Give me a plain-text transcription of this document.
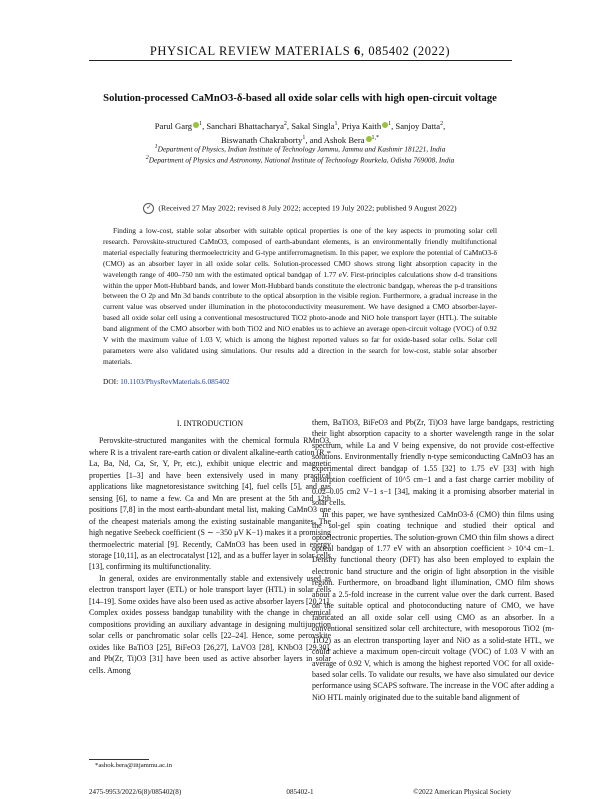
PHYSICAL REVIEW MATERIALS 6, 085402 (2022)
Solution-processed CaMnO3-δ-based all oxide solar cells with high open-circuit voltage
Parul Garg $^1$, Sanchari Bhattacharya$^2$, Sakal Singla$^1$, Priya Kaith $^1$, Sanjoy Datta$^2$,
Biswanath Chakraborty$^1$, and Ashok Bera $^{1,*}$
$^1$Department of Physics, Indian Institute of Technology Jammu, Jammu and Kashmir 181221, India
$^2$Department of Physics and Astronomy, National Institute of Technology Rourkela, Odisha 769008, India
✓ (Received 27 May 2022; revised 8 July 2022; accepted 19 July 2022; published 9 August 2022)
Finding a low-cost, stable solar absorber with suitable optical properties is one of the key aspects in promoting solar cell research. Perovskite-structured CaMnO3, composed of earth-abundant elements, is an environmentally friendly multifunctional material especially featuring thermoelectricity and G-type antiferromagnetism. In this paper, we explore the potential of CaMnO3-δ (CMO) as an absorber layer in all oxide solar cells. Solution-processed CMO shows strong light absorption capacity in the wavelength range of 400–750 nm with the estimated optical bandgap of 1.77 eV. First-principles calculations show d-d transitions within the upper Mott-Hubbard bands, and lower Mott-Hubbard bands constitute the electronic bandgap, whereas the p-d transitions between the O 2p and Mn 3d bands contribute to the optical absorption in the visible region. Furthermore, a gradual increase in the current value was observed under illumination in the photoconductivity measurement. We have designed a CMO absorber-layer-based all oxide solar cell using a conventional mesostructured TiO2 photo-anode and NiO hole transport layer (HTL). The suitable band alignment of the CMO absorber with both TiO2 and NiO enables us to achieve an average open-circuit voltage (VOC) of 0.92 V with the maximum value of 1.03 V, which is among the highest reported values so far for oxide-based solar cells. Solar cell parameters were also validated using simulations. Our results add a direction in the search for low-cost, stable solar absorber materials.
DOI: 10.1103/PhysRevMaterials.6.085402
I. INTRODUCTION

Perovskite-structured manganites with the chemical formula RMnO3, where R is a trivalent rare-earth cation or divalent alkaline-earth cation (R = La, Ba, Nd, Ca, Sr, Y, Pr, etc.), exhibit unique electric and magnetic properties [1–3] and have been extensively used in many practical applications like magnetoresistance switching [4], fuel cells [5], and gas sensing [6], to name a few. Ca and Mn are present at the 5th and 12th positions [7,8] in the most earth-abundant metal list, making CaMnO3 one of the cheapest materials among the existing sustainable manganites. The high negative Seebeck coefficient (S ∼ −350 μV K−1) makes it a promising thermoelectric material [9]. Recently, CaMnO3 has been used in energy storage [10,11], as an electrocatalyst [12], and as a buffer layer in solar cells [13], confirming its multifunctionality.

In general, oxides are environmentally stable and extensively used as electron transport layer (ETL) or hole transport layer (HTL) in solar cells [14–19]. Some oxides have also been used as active absorber layers [20,21]. Complex oxides possess bandgap tunability with the change in chemical compositions providing an auxiliary advantage in designing multijunction solar cells or panchromatic solar cells [22–24]. Hence, some perovskite oxides like BaTiO3 [25], BiFeO3 [26,27], LaVO3 [28], KNbO3 [29,30], and Pb(Zr, Ti)O3 [31] have been used as active absorber layers in solar cells. Among

them, BaTiO3, BiFeO3 and Pb(Zr, Ti)O3 have large bandgaps, restricting their light absorption capacity to a shorter wavelength range in the solar spectrum, while La and V being expensive, do not provide cost-effective solutions. Environmentally friendly n-type semiconducting CaMnO3 has an experimental direct bandgap of 1.55 [32] to 1.75 eV [33] with high absorption coefficient of 10^5 cm−1 and a fast charge carrier mobility of 0.02–0.05 cm2 V−1 s−1 [34], making it a promising absorber material in solar cells.

In this paper, we have synthesized CaMnO3-δ (CMO) thin films using the sol-gel spin coating technique and studied their optical and optoelectronic properties. The solution-grown CMO thin film shows a direct optical bandgap of 1.77 eV with an absorption coefficient > 10^4 cm−1. Density functional theory (DFT) has also been employed to explain the electronic band structure and the origin of light absorption in the visible region. Furthermore, on broadband light illumination, CMO film shows about a 2.5-fold increase in the current value over the dark current. Based on the suitable optical and photoconducting nature of CMO, we have fabricated an all oxide solar cell using CMO as an absorber. In a conventional sensitized solar cell architecture, with mesoporous TiO2 (m-TiO2) as an electron transporting layer and NiO as a solid-state HTL, we could achieve a maximum open-circuit voltage (VOC) of 1.03 V with an average of 0.92 V, which is among the highest reported VOC for all oxide-based solar cells. To validate our results, we have also simulated our device performance using SCAPS software. The increase in the VOC after adding a NiO HTL mainly originated due to the suitable band alignment of

*ashok.bera@iitjammu.ac.in
2475-9953/2022/6(8)/085402(8)	085402-1	©2022 American Physical Society
